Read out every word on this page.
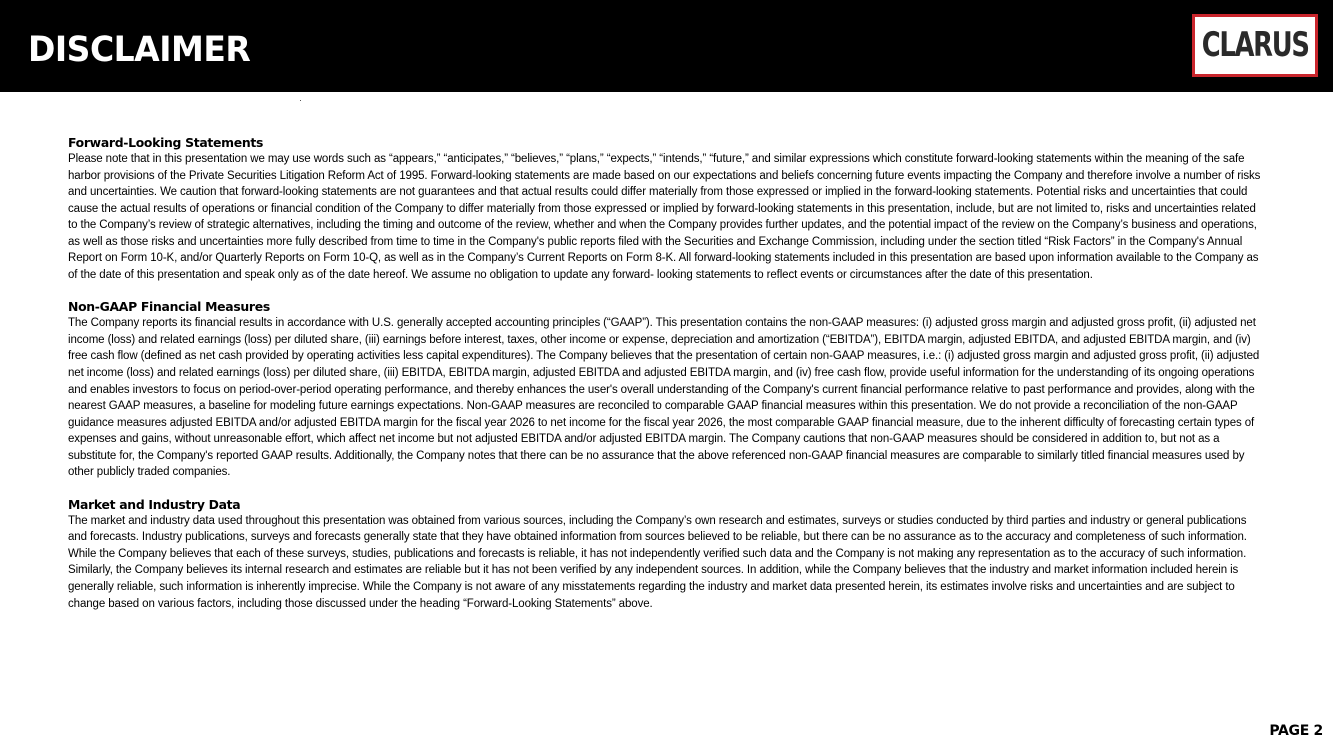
DISCLAIMER	CLARUS

Forward-Looking Statements

Please note that in this presentation we may use words such as “appears,” “anticipates,” “believes,” “plans,” “expects,” “intends,” “future,” and similar expressions which constitute forward-looking statements within the meaning of the safe harbor provisions of the Private Securities Litigation Reform Act of 1995. Forward-looking statements are made based on our expectations and beliefs concerning future events impacting the Company and therefore involve a number of risks and uncertainties. We caution that forward-looking statements are not guarantees and that actual results could differ materially from those expressed or implied in the forward-looking statements. Potential risks and uncertainties that could cause the actual results of operations or financial condition of the Company to differ materially from those expressed or implied by forward-looking statements in this presentation, include, but are not limited to, risks and uncertainties related to the Company’s review of strategic alternatives, including the timing and outcome of the review, whether and when the Company provides further updates, and the potential impact of the review on the Company’s business and operations, as well as those risks and uncertainties more fully described from time to time in the Company's public reports filed with the Securities and Exchange Commission, including under the section titled “Risk Factors” in the Company's Annual Report on Form 10-K, and/or Quarterly Reports on Form 10-Q, as well as in the Company’s Current Reports on Form 8-K. All forward-looking statements included in this presentation are based upon information available to the Company as of the date of this presentation and speak only as of the date hereof. We assume no obligation to update any forward- looking statements to reflect events or circumstances after the date of this presentation.

Non-GAAP Financial Measures

The Company reports its financial results in accordance with U.S. generally accepted accounting principles (“GAAP”). This presentation contains the non-GAAP measures: (i) adjusted gross margin and adjusted gross profit, (ii) adjusted net income (loss) and related earnings (loss) per diluted share, (iii) earnings before interest, taxes, other income or expense, depreciation and amortization (“EBITDA”), EBITDA margin, adjusted EBITDA, and adjusted EBITDA margin, and (iv) free cash flow (defined as net cash provided by operating activities less capital expenditures). The Company believes that the presentation of certain non-GAAP measures, i.e.: (i) adjusted gross margin and adjusted gross profit, (ii) adjusted net income (loss) and related earnings (loss) per diluted share, (iii) EBITDA, EBITDA margin, adjusted EBITDA and adjusted EBITDA margin, and (iv) free cash flow, provide useful information for the understanding of its ongoing operations and enables investors to focus on period-over-period operating performance, and thereby enhances the user's overall understanding of the Company's current financial performance relative to past performance and provides, along with the nearest GAAP measures, a baseline for modeling future earnings expectations. Non-GAAP measures are reconciled to comparable GAAP financial measures within this presentation. We do not provide a reconciliation of the non-GAAP guidance measures adjusted EBITDA and/or adjusted EBITDA margin for the fiscal year 2026 to net income for the fiscal year 2026, the most comparable GAAP financial measure, due to the inherent difficulty of forecasting certain types of expenses and gains, without unreasonable effort, which affect net income but not adjusted EBITDA and/or adjusted EBITDA margin. The Company cautions that non-GAAP measures should be considered in addition to, but not as a substitute for, the Company's reported GAAP results. Additionally, the Company notes that there can be no assurance that the above referenced non-GAAP financial measures are comparable to similarly titled financial measures used by other publicly traded companies.

Market and Industry Data

The market and industry data used throughout this presentation was obtained from various sources, including the Company’s own research and estimates, surveys or studies conducted by third parties and industry or general publications and forecasts. Industry publications, surveys and forecasts generally state that they have obtained information from sources believed to be reliable, but there can be no assurance as to the accuracy and completeness of such information. While the Company believes that each of these surveys, studies, publications and forecasts is reliable, it has not independently verified such data and the Company is not making any representation as to the accuracy of such information. Similarly, the Company believes its internal research and estimates are reliable but it has not been verified by any independent sources. In addition, while the Company believes that the industry and market information included herein is generally reliable, such information is inherently imprecise. While the Company is not aware of any misstatements regarding the industry and market data presented herein, its estimates involve risks and uncertainties and are subject to change based on various factors, including those discussed under the heading “Forward-Looking Statements” above.

PAGE 2
